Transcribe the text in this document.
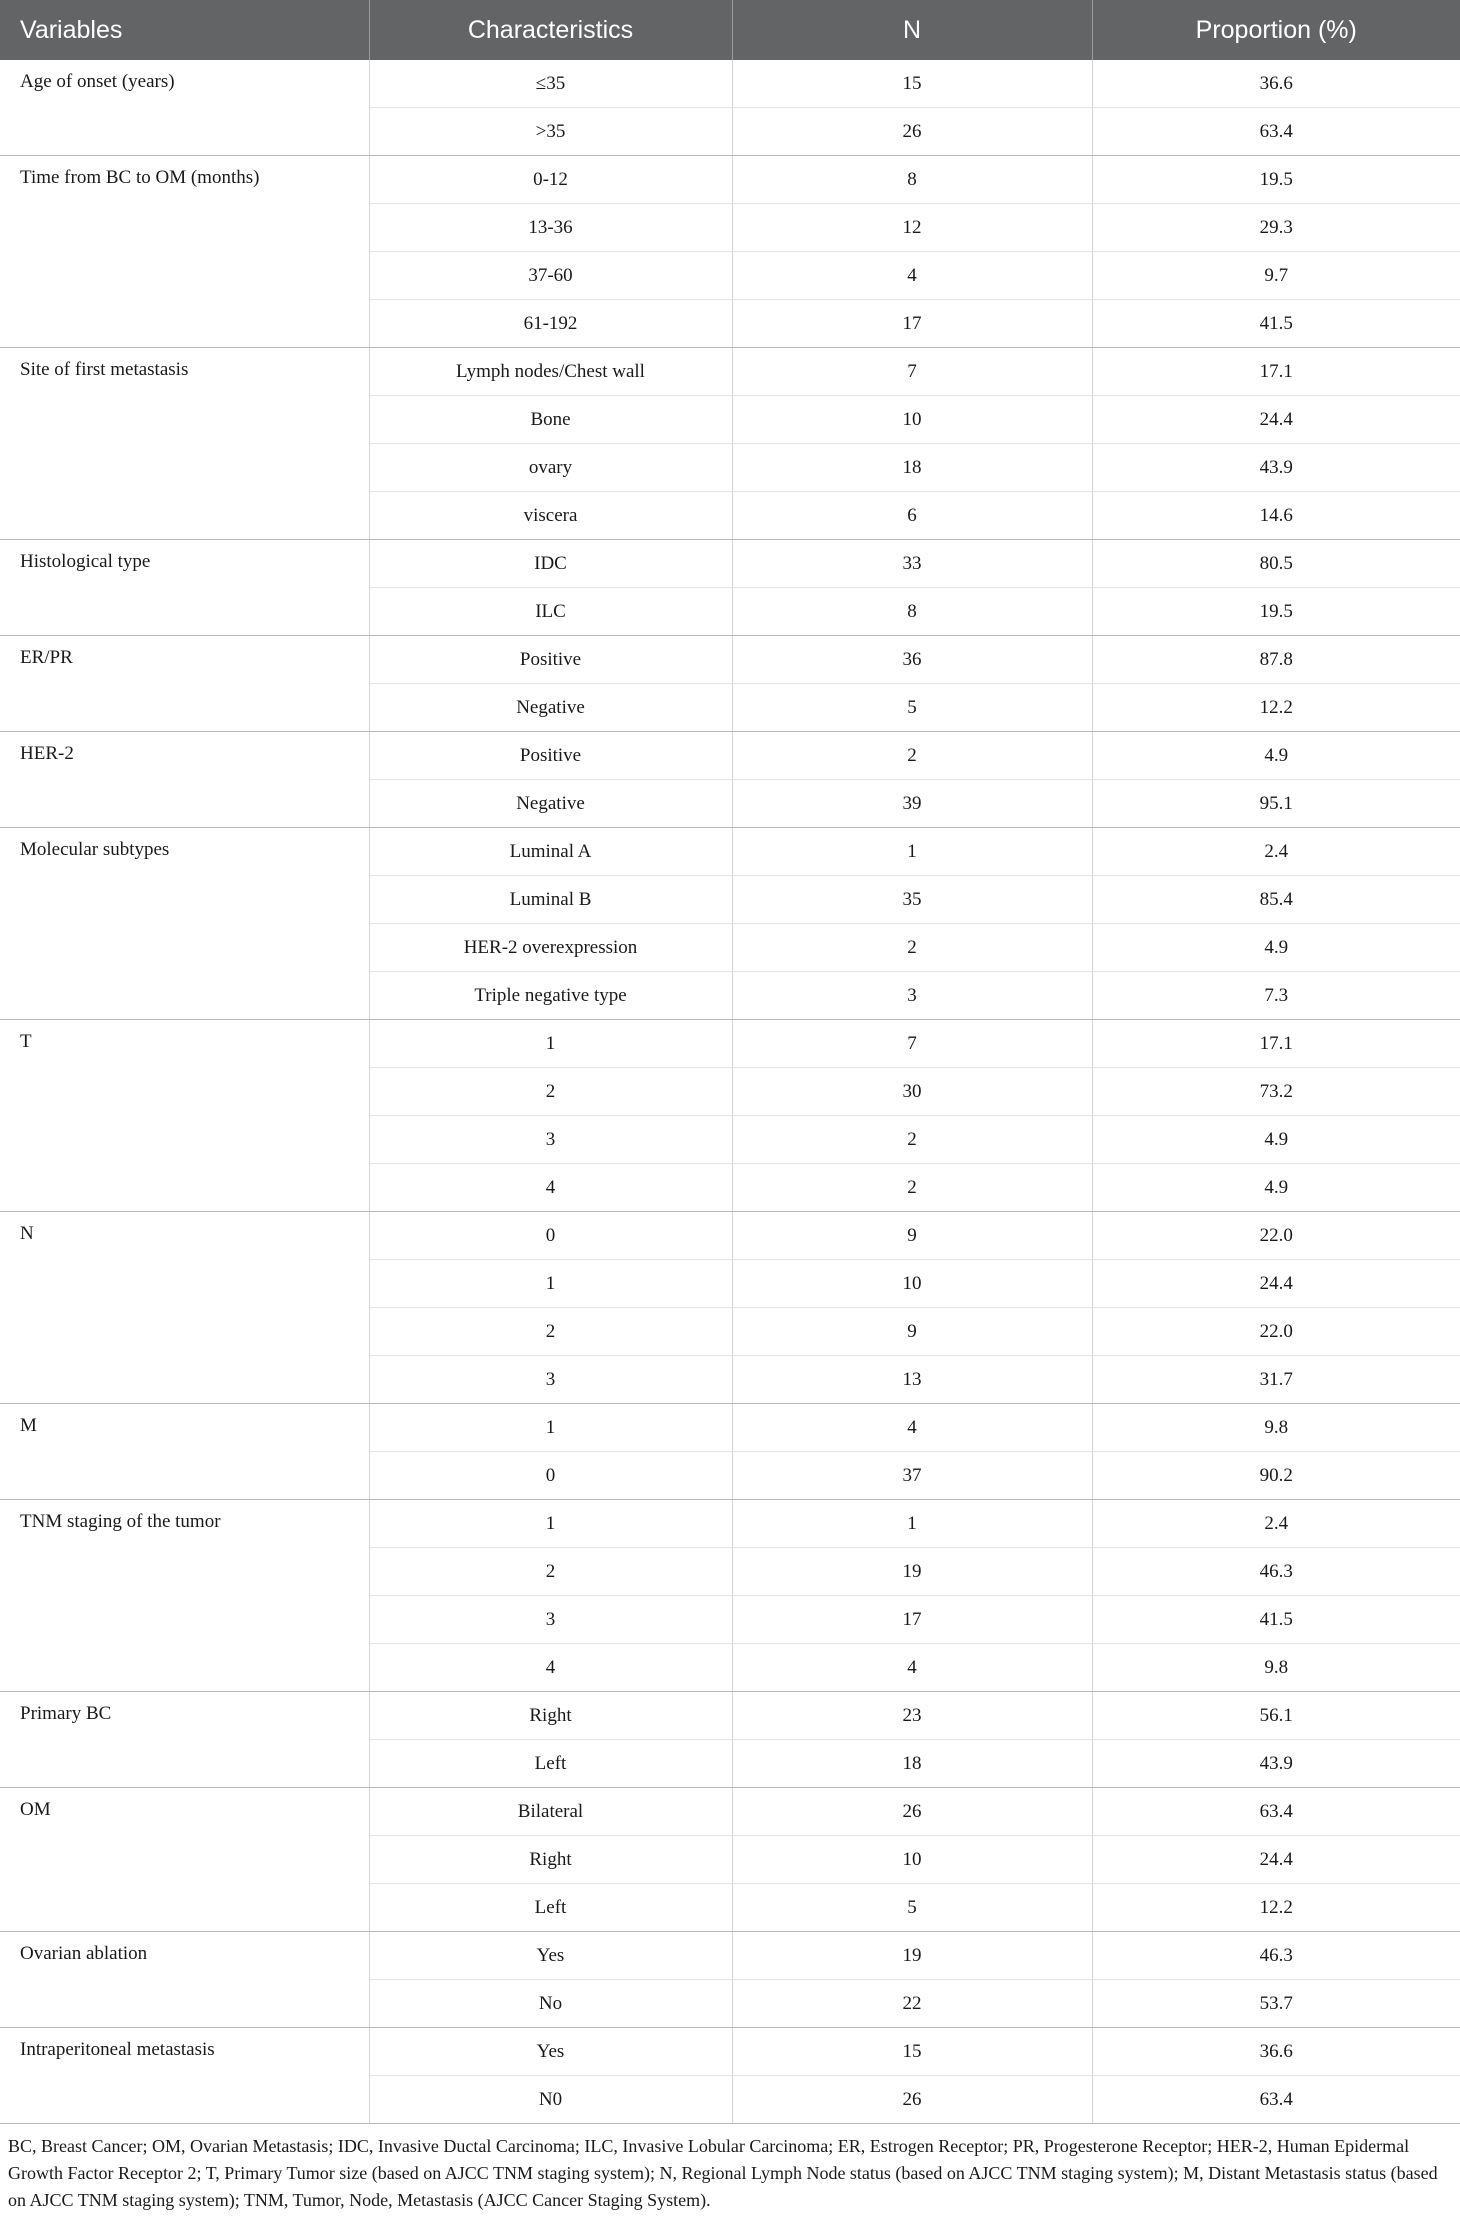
Variables	Characteristics	N	Proportion (%)
Age of onset (years)	≤35	15	36.6
	>35	26	63.4
Time from BC to OM (months)	0-12	8	19.5
	13-36	12	29.3
	37-60	4	9.7
	61-192	17	41.5
Site of first metastasis	Lymph nodes/Chest wall	7	17.1
	Bone	10	24.4
	ovary	18	43.9
	viscera	6	14.6
Histological type	IDC	33	80.5
	ILC	8	19.5
ER/PR	Positive	36	87.8
	Negative	5	12.2
HER-2	Positive	2	4.9
	Negative	39	95.1
Molecular subtypes	Luminal A	1	2.4
	Luminal B	35	85.4
	HER-2 overexpression	2	4.9
	Triple negative type	3	7.3
T	1	7	17.1
	2	30	73.2
	3	2	4.9
	4	2	4.9
N	0	9	22.0
	1	10	24.4
	2	9	22.0
	3	13	31.7
M	1	4	9.8
	0	37	90.2
TNM staging of the tumor	1	1	2.4
	2	19	46.3
	3	17	41.5
	4	4	9.8
Primary BC	Right	23	56.1
	Left	18	43.9
OM	Bilateral	26	63.4
	Right	10	24.4
	Left	5	12.2
Ovarian ablation	Yes	19	46.3
	No	22	53.7
Intraperitoneal metastasis	Yes	15	36.6
	N0	26	63.4

BC, Breast Cancer; OM, Ovarian Metastasis; IDC, Invasive Ductal Carcinoma; ILC, Invasive Lobular Carcinoma; ER, Estrogen Receptor; PR, Progesterone Receptor; HER-2, Human Epidermal Growth Factor Receptor 2; T, Primary Tumor size (based on AJCC TNM staging system); N, Regional Lymph Node status (based on AJCC TNM staging system); M, Distant Metastasis status (based on AJCC TNM staging system); TNM, Tumor, Node, Metastasis (AJCC Cancer Staging System).
